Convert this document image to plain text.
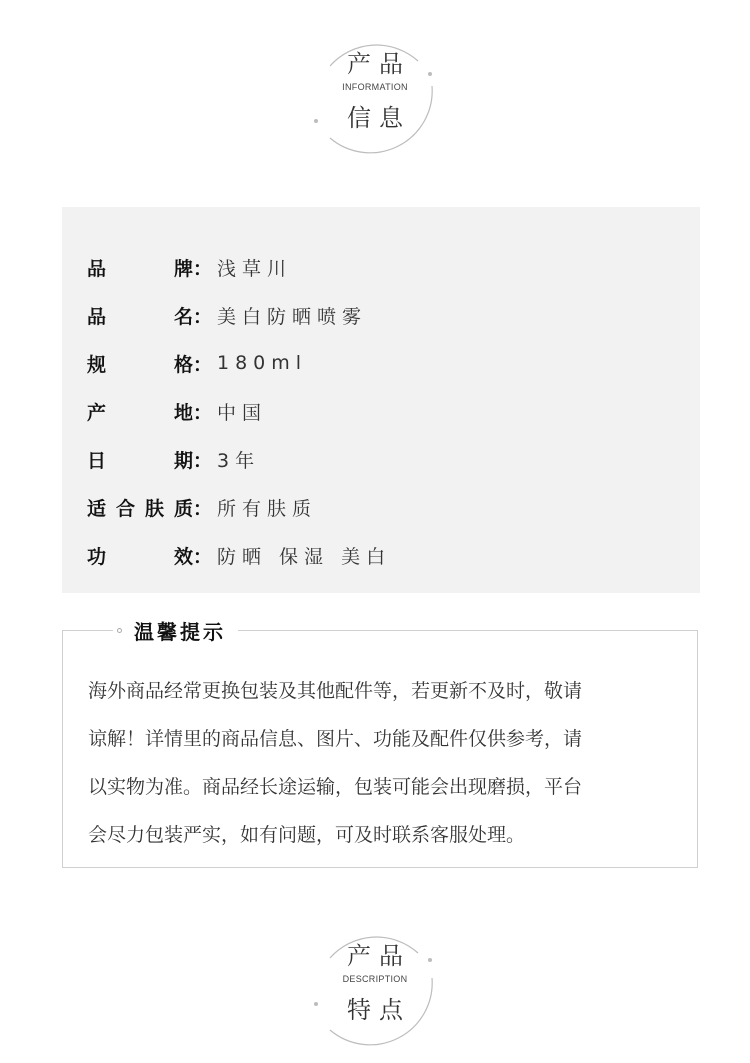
产品
INFORMATION
信息
品	牌 ： 浅草川
品	名 ： 美白防晒喷雾
规	格 ： 180ml
产	地 ： 中国
日	期 ： 3年
适 合 肤 质 ： 所有肤质
功	效 ： 防晒 保湿 美白
温馨提示

海外商品经常更换包装及其他配件等，若更新不及时，敬请

谅解！详情里的商品信息、图片、功能及配件仅供参考，请

以实物为准。商品经长途运输，包装可能会出现磨损，平台

会尽力包装严实，如有问题，可及时联系客服处理。

产品
DESCRIPTION
特点
